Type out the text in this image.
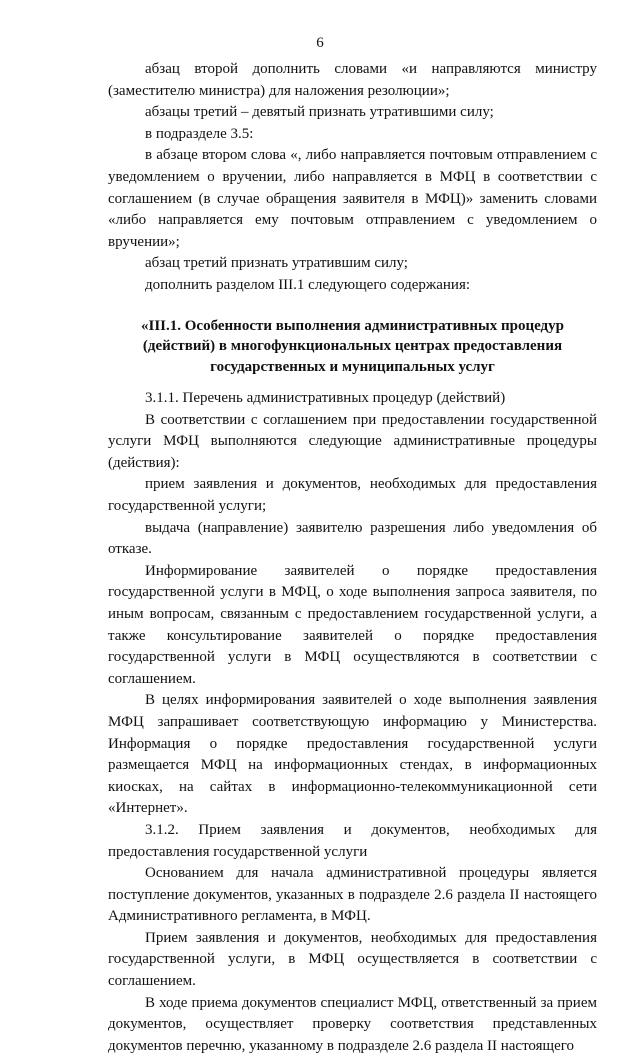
6

абзац второй дополнить словами «и направляются министру (заместителю министра) для наложения резолюции»;

абзацы третий – девятый признать утратившими силу;

в подразделе 3.5:

в абзаце втором слова «, либо направляется почтовым отправлением с уведомлением о вручении, либо направляется в МФЦ в соответствии с соглашением (в случае обращения заявителя в МФЦ)» заменить словами «либо направляется ему почтовым отправлением с уведомлением о вручении»;

абзац третий признать утратившим силу;

дополнить разделом III.1 следующего содержания:

«III.1. Особенности выполнения административных процедур (действий) в многофункциональных центрах предоставления государственных и муниципальных услуг

3.1.1. Перечень административных процедур (действий)

В соответствии с соглашением при предоставлении государственной услуги МФЦ выполняются следующие административные процедуры (действия):

прием заявления и документов, необходимых для предоставления государственной услуги;

выдача (направление) заявителю разрешения либо уведомления об отказе.

Информирование заявителей о порядке предоставления государственной услуги в МФЦ, о ходе выполнения запроса заявителя, по иным вопросам, связанным с предоставлением государственной услуги, а также консультирование заявителей о порядке предоставления государственной услуги в МФЦ осуществляются в соответствии с соглашением.

В целях информирования заявителей о ходе выполнения заявления МФЦ запрашивает соответствующую информацию у Министерства. Информация о порядке предоставления государственной услуги размещается МФЦ на информационных стендах, в информационных киосках, на сайтах в информационно-телекоммуникационной сети «Интернет».

3.1.2. Прием заявления и документов, необходимых для предоставления государственной услуги

Основанием для начала административной процедуры является поступление документов, указанных в подразделе 2.6 раздела II настоящего Административного регламента, в МФЦ.

Прием заявления и документов, необходимых для предоставления государственной услуги, в МФЦ осуществляется в соответствии с соглашением.

В ходе приема документов специалист МФЦ, ответственный за прием документов, осуществляет проверку соответствия представленных документов перечню, указанному в подразделе 2.6 раздела II настоящего
